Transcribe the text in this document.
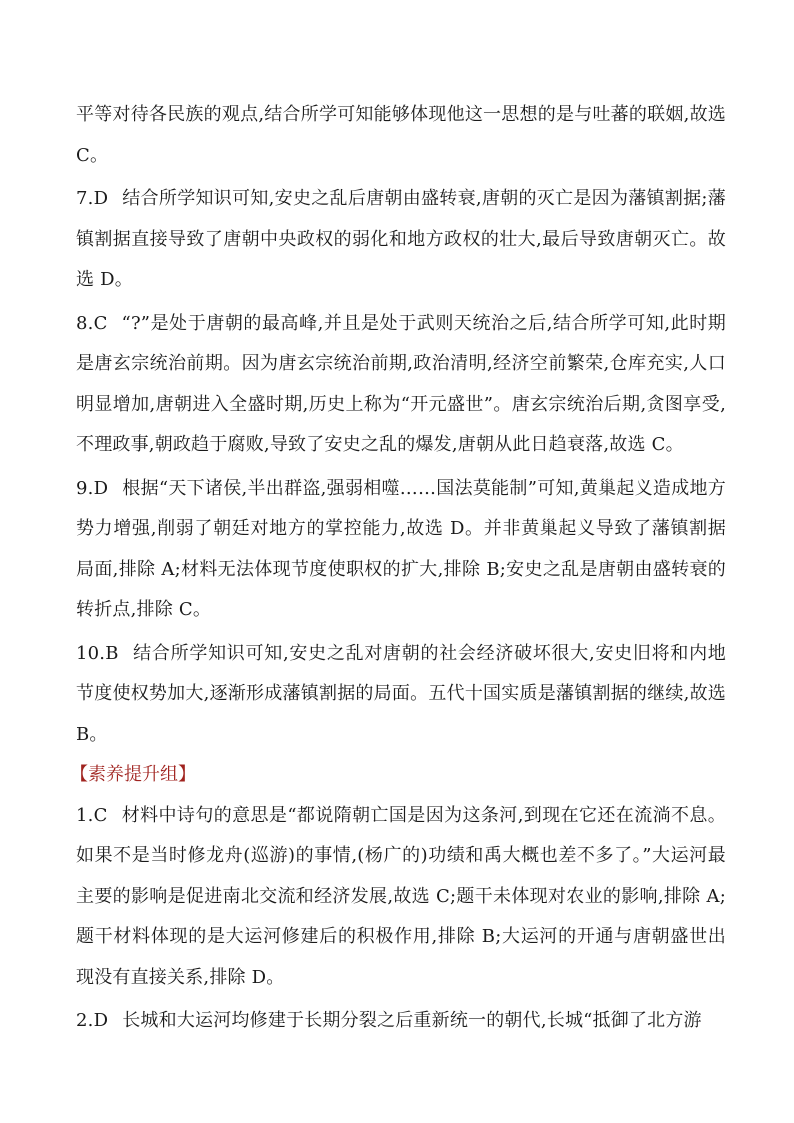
平等对待各民族的观点,结合所学可知能够体现他这一思想的是与吐蕃的联姻,故选 C。

7.D 结合所学知识可知,安史之乱后唐朝由盛转衰,唐朝的灭亡是因为藩镇割据;藩镇割据直接导致了唐朝中央政权的弱化和地方政权的壮大,最后导致唐朝灭亡。故选 D。

8.C “?”是处于唐朝的最高峰,并且是处于武则天统治之后,结合所学可知,此时期是唐玄宗统治前期。因为唐玄宗统治前期,政治清明,经济空前繁荣,仓库充实,人口明显增加,唐朝进入全盛时期,历史上称为“开元盛世”。唐玄宗统治后期,贪图享受,不理政事,朝政趋于腐败,导致了安史之乱的爆发,唐朝从此日趋衰落,故选 C。

9.D 根据“天下诸侯,半出群盗,强弱相噬……国法莫能制”可知,黄巢起义造成地方势力增强,削弱了朝廷对地方的掌控能力,故选 D。并非黄巢起义导致了藩镇割据局面,排除 A;材料无法体现节度使职权的扩大,排除 B;安史之乱是唐朝由盛转衰的转折点,排除 C。

10.B 结合所学知识可知,安史之乱对唐朝的社会经济破坏很大,安史旧将和内地节度使权势加大,逐渐形成藩镇割据的局面。五代十国实质是藩镇割据的继续,故选 B。

【素养提升组】

1.C 材料中诗句的意思是“都说隋朝亡国是因为这条河,到现在它还在流淌不息。如果不是当时修龙舟(巡游)的事情,(杨广的)功绩和禹大概也差不多了。”大运河最主要的影响是促进南北交流和经济发展,故选 C;题干未体现对农业的影响,排除 A;题干材料体现的是大运河修建后的积极作用,排除 B;大运河的开通与唐朝盛世出现没有直接关系,排除 D。

2.D 长城和大运河均修建于长期分裂之后重新统一的朝代,长城“抵御了北方游
